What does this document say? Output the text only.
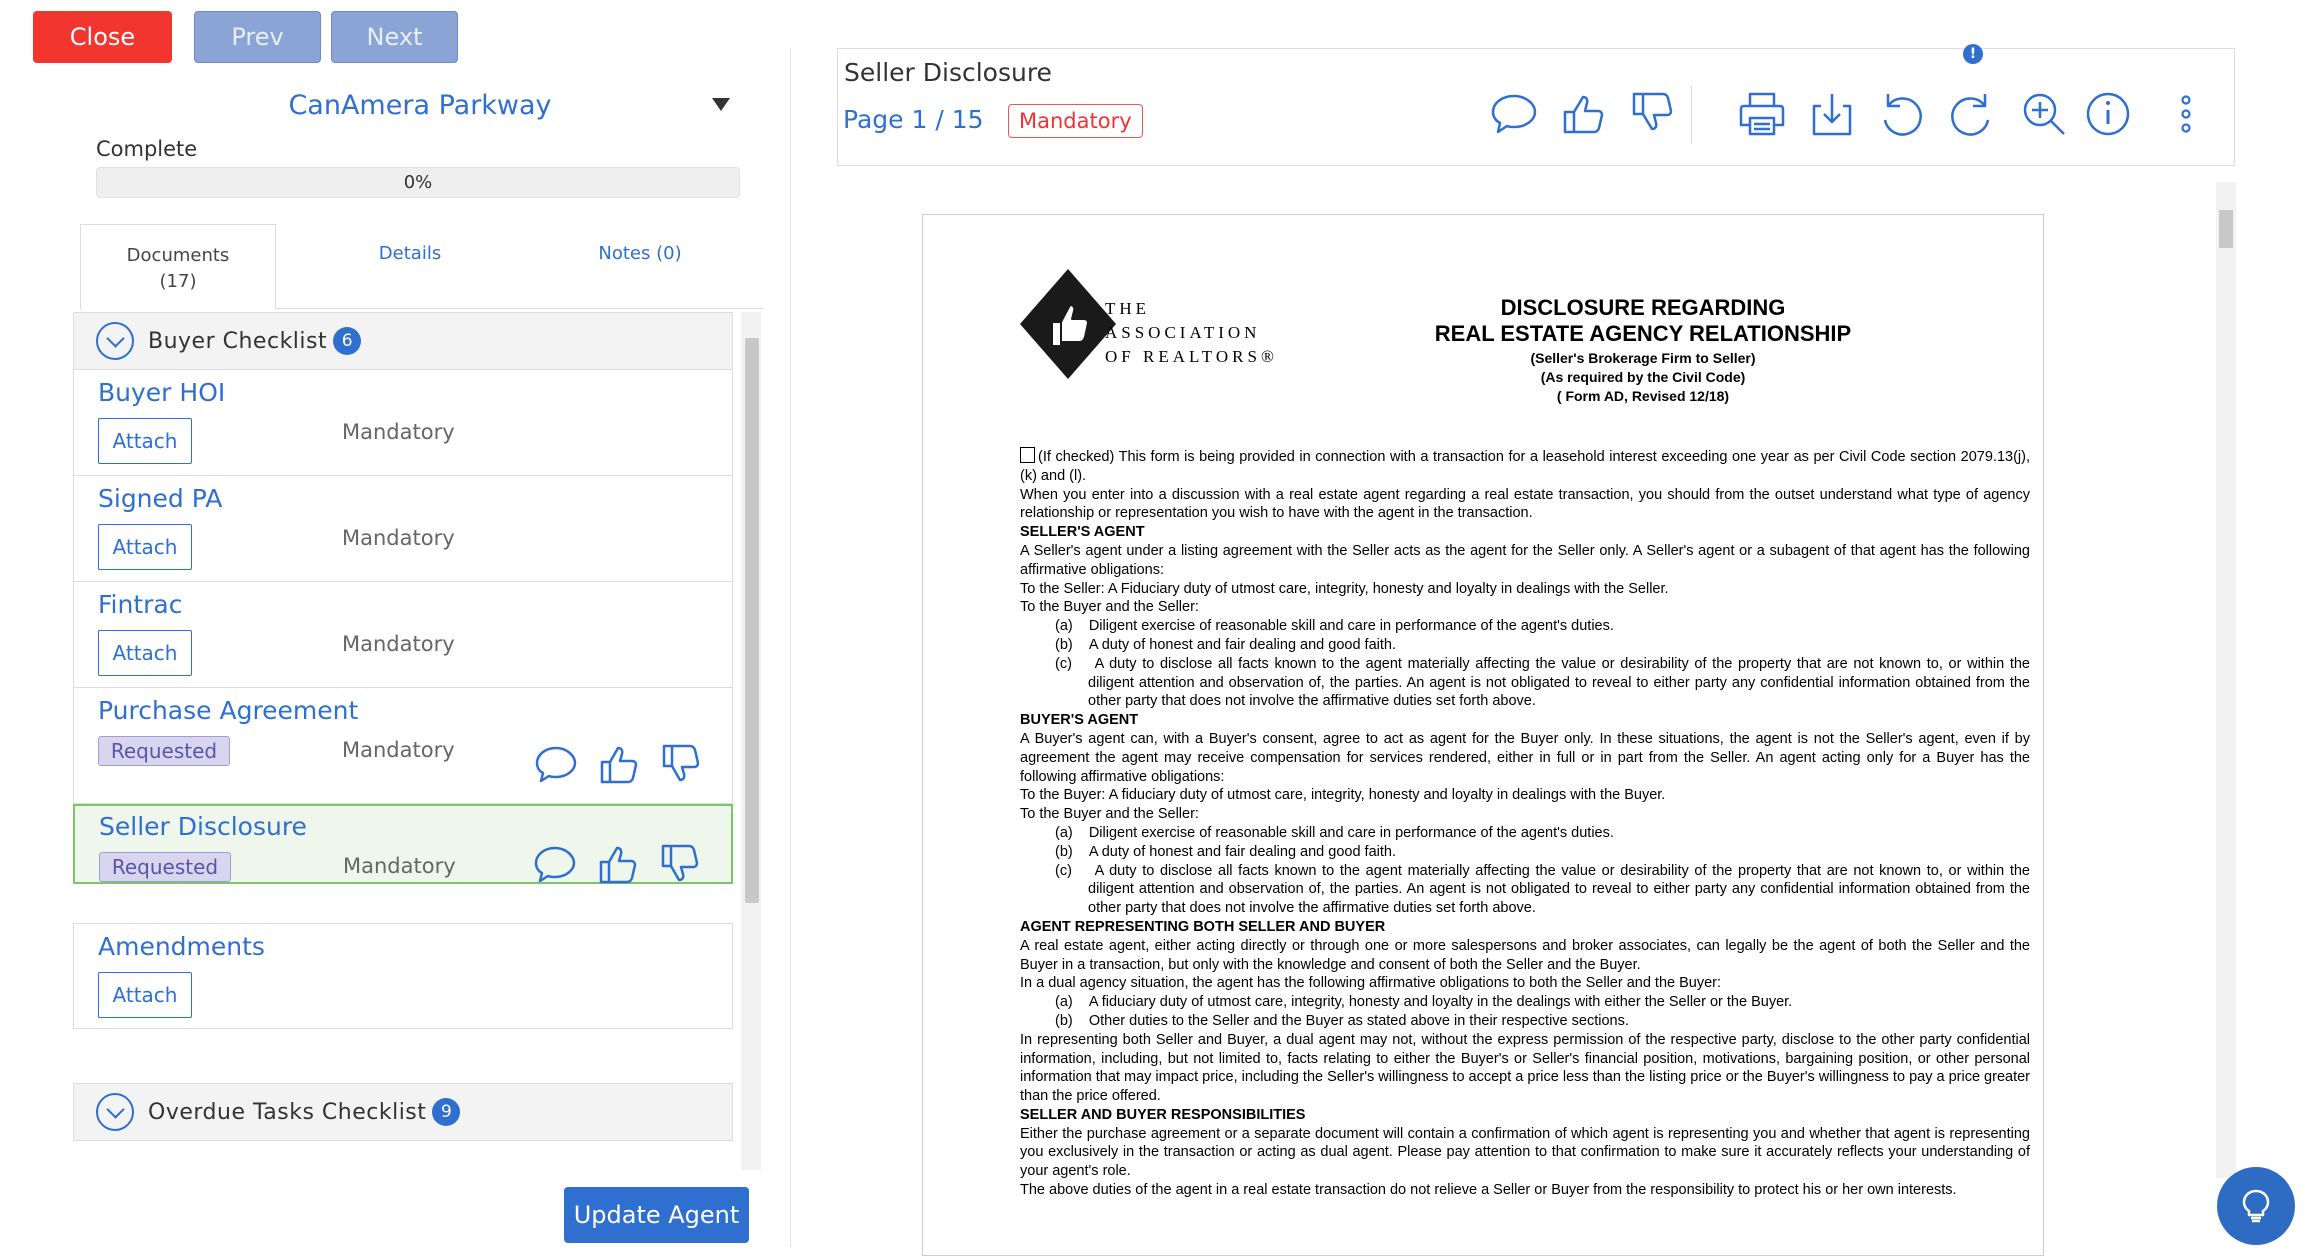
Close	Prev	Next
CanAmera Parkway
Complete
0%
Documents
(17)
Details	Notes (0)
Buyer Checklist 6
Buyer HOI
Attach	Mandatory
Signed PA
Attach	Mandatory
Fintrac
Attach	Mandatory
Purchase Agreement
Requested	Mandatory
Seller Disclosure
Requested	Mandatory
Amendments
Attach
Overdue Tasks Checklist 9
Update Agent
Seller Disclosure
Page 1 / 15	Mandatory
!
THE
ASSOCIATION
OF REALTORS®
DISCLOSURE REGARDING
REAL ESTATE AGENCY RELATIONSHIP
(Seller's Brokerage Firm to Seller)
(As required by the Civil Code)
( Form AD, Revised 12/18)

(If checked) This form is being provided in connection with a transaction for a leasehold interest exceeding one year as per Civil Code section 2079.13(j), (k) and (l).

When you enter into a discussion with a real estate agent regarding a real estate transaction, you should from the outset understand what type of agency relationship or representation you wish to have with the agent in the transaction.

SELLER'S AGENT

A Seller's agent under a listing agreement with the Seller acts as the agent for the Seller only. A Seller's agent or a subagent of that agent has the following affirmative obligations:

To the Seller: A Fiduciary duty of utmost care, integrity, honesty and loyalty in dealings with the Seller.

To the Buyer and the Seller:

(a)    Diligent exercise of reasonable skill and care in performance of the agent's duties.

(b)    A duty of honest and fair dealing and good faith.

(c)    A duty to disclose all facts known to the agent materially affecting the value or desirability of the property that are not known to, or within the diligent attention and observation of, the parties. An agent is not obligated to reveal to either party any confidential information obtained from the other party that does not involve the affirmative duties set forth above.

BUYER'S AGENT

A Buyer's agent can, with a Buyer's consent, agree to act as agent for the Buyer only. In these situations, the agent is not the Seller's agent, even if by agreement the agent may receive compensation for services rendered, either in full or in part from the Seller. An agent acting only for a Buyer has the following affirmative obligations:

To the Buyer: A fiduciary duty of utmost care, integrity, honesty and loyalty in dealings with the Buyer.

To the Buyer and the Seller:

(a)    Diligent exercise of reasonable skill and care in performance of the agent's duties.

(b)    A duty of honest and fair dealing and good faith.

(c)    A duty to disclose all facts known to the agent materially affecting the value or desirability of the property that are not known to, or within the diligent attention and observation of, the parties. An agent is not obligated to reveal to either party any confidential information obtained from the other party that does not involve the affirmative duties set forth above.

AGENT REPRESENTING BOTH SELLER AND BUYER

A real estate agent, either acting directly or through one or more salespersons and broker associates, can legally be the agent of both the Seller and the Buyer in a transaction, but only with the knowledge and consent of both the Seller and the Buyer.

In a dual agency situation, the agent has the following affirmative obligations to both the Seller and the Buyer:

(a)    A fiduciary duty of utmost care, integrity, honesty and loyalty in the dealings with either the Seller or the Buyer.

(b)    Other duties to the Seller and the Buyer as stated above in their respective sections.

In representing both Seller and Buyer, a dual agent may not, without the express permission of the respective party, disclose to the other party confidential information, including, but not limited to, facts relating to either the Buyer's or Seller's financial position, motivations, bargaining position, or other personal information that may impact price, including the Seller's willingness to accept a price less than the listing price or the Buyer's willingness to pay a price greater than the price offered.

SELLER AND BUYER RESPONSIBILITIES

Either the purchase agreement or a separate document will contain a confirmation of which agent is representing you and whether that agent is representing you exclusively in the transaction or acting as dual agent. Please pay attention to that confirmation to make sure it accurately reflects your understanding of your agent's role.

The above duties of the agent in a real estate transaction do not relieve a Seller or Buyer from the responsibility to protect his or her own interests.
